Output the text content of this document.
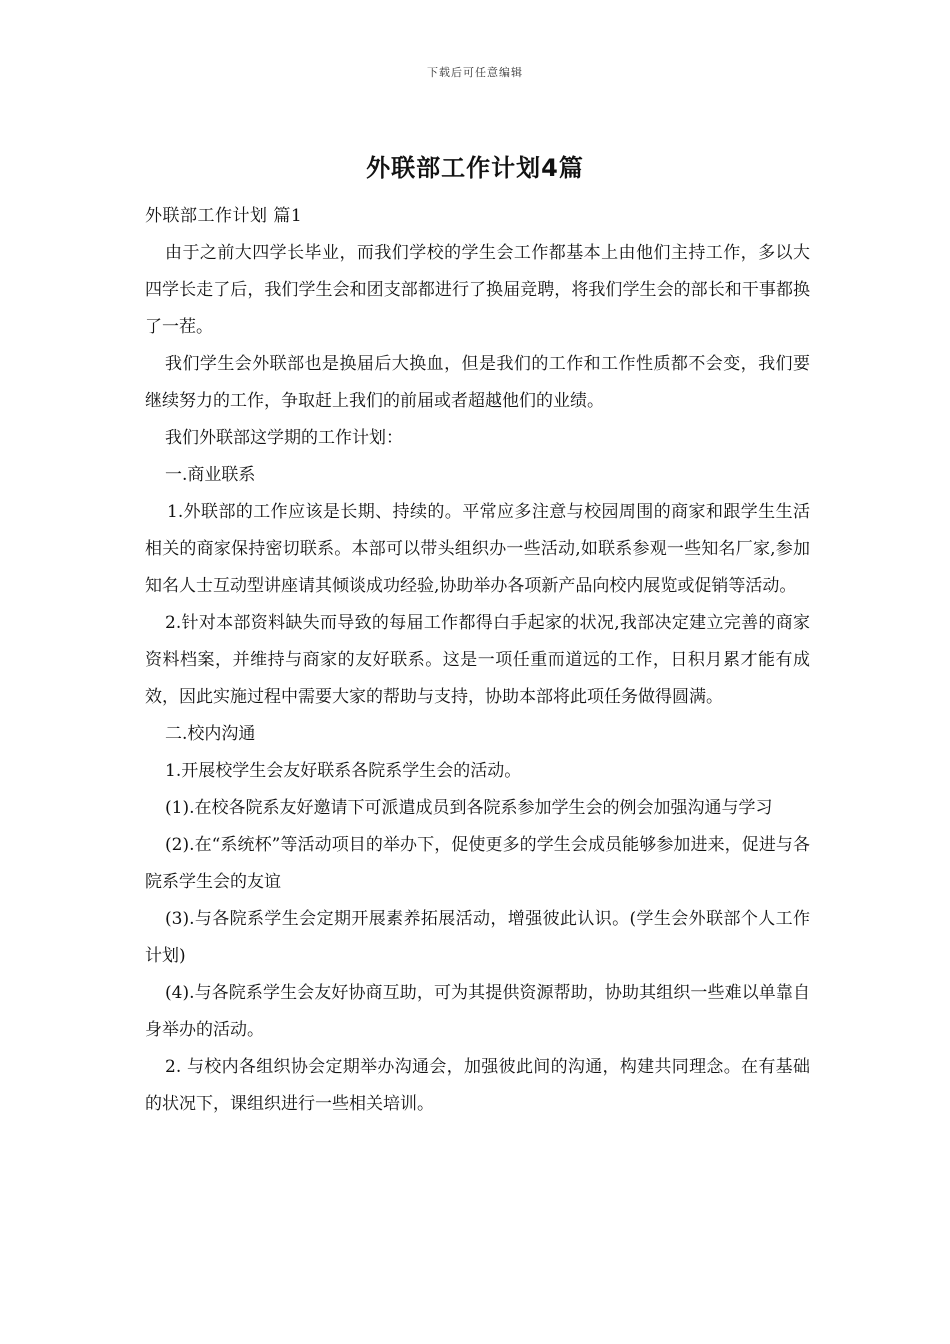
下载后可任意编辑
外联部工作计划4篇

外联部工作计划 篇1

由于之前大四学长毕业，而我们学校的学生会工作都基本上由他们主持工作，多以大四学长走了后，我们学生会和团支部都进行了换届竞聘，将我们学生会的部长和干事都换了一茬。

我们学生会外联部也是换届后大换血，但是我们的工作和工作性质都不会变，我们要继续努力的工作，争取赶上我们的前届或者超越他们的业绩。

我们外联部这学期的工作计划：

一.商业联系

1.外联部的工作应该是长期、持续的。平常应多注意与校园周围的商家和跟学生生活相关的商家保持密切联系。本部可以带头组织办一些活动,如联系参观一些知名厂家,参加知名人士互动型讲座请其倾谈成功经验,协助举办各项新产品向校内展览或促销等活动。

2.针对本部资料缺失而导致的每届工作都得白手起家的状况,我部决定建立完善的商家资料档案，并维持与商家的友好联系。这是一项任重而道远的工作，日积月累才能有成效，因此实施过程中需要大家的帮助与支持，协助本部将此项任务做得圆满。

二.校内沟通

1.开展校学生会友好联系各院系学生会的活动。

(1).在校各院系友好邀请下可派遣成员到各院系参加学生会的例会加强沟通与学习

(2).在“系统杯”等活动项目的举办下，促使更多的学生会成员能够参加进来，促进与各院系学生会的友谊

(3).与各院系学生会定期开展素养拓展活动，增强彼此认识。(学生会外联部个人工作计划)

(4).与各院系学生会友好协商互助，可为其提供资源帮助，协助其组织一些难以单靠自身举办的活动。

2. 与校内各组织协会定期举办沟通会，加强彼此间的沟通，构建共同理念。在有基础的状况下，课组织进行一些相关培训。
